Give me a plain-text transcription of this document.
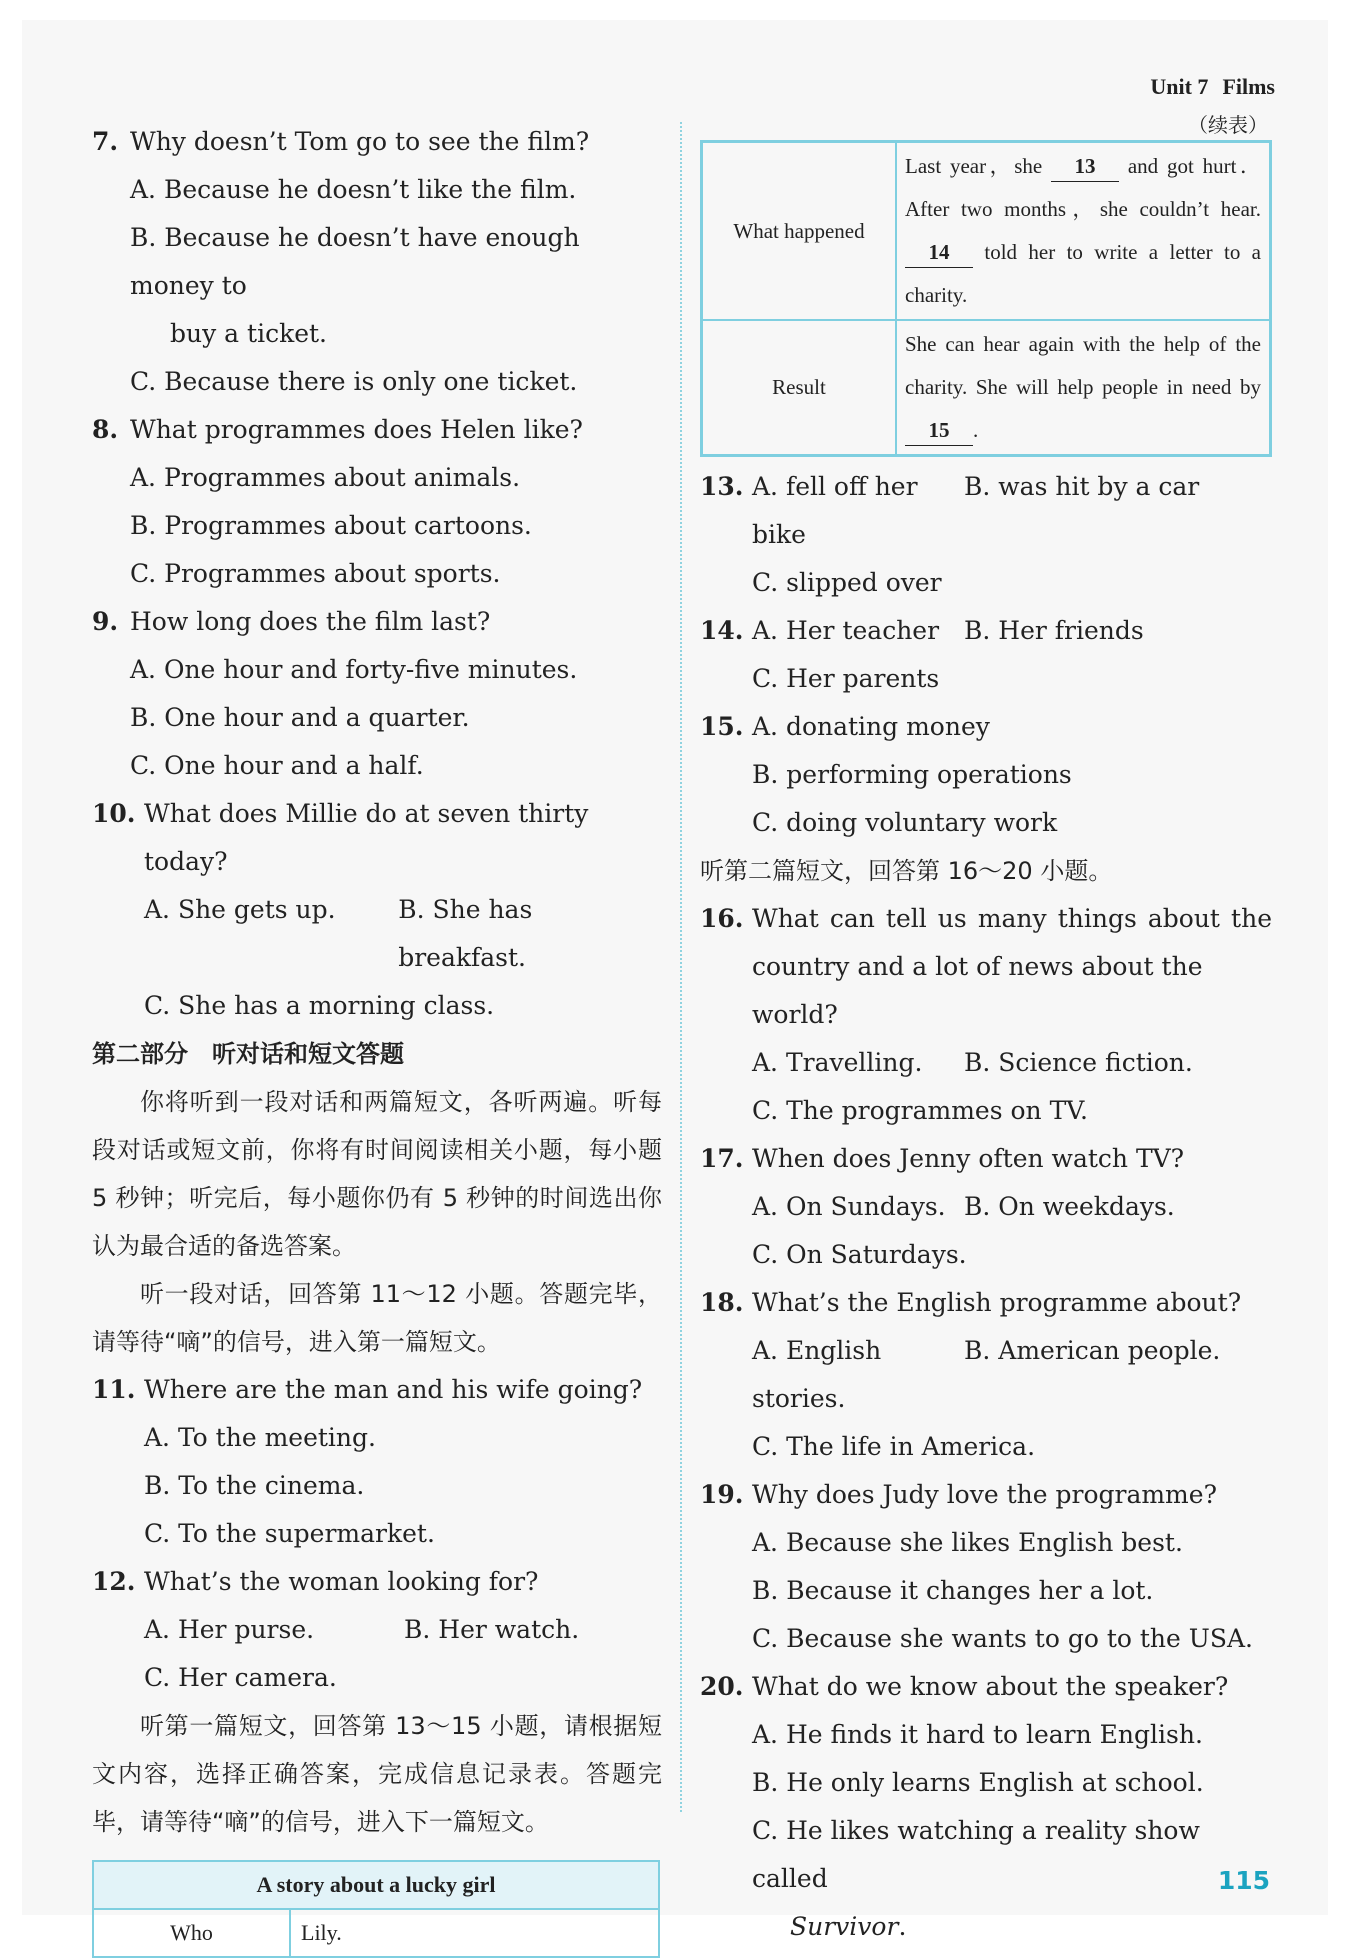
Unit 7 Films
7. Why doesn’t Tom go to see the film?
A. Because he doesn’t like the film.
B. Because he doesn’t have enough money to
buy a ticket.
C. Because there is only one ticket.
8. What programmes does Helen like?
A. Programmes about animals.
B. Programmes about cartoons.
C. Programmes about sports.
9. How long does the film last?
A. One hour and forty-five minutes.
B. One hour and a quarter.
C. One hour and a half.
10. What does Millie do at seven thirty today?
A. She gets up.	B. She has breakfast.
C. She has a morning class.
第二部分　听对话和短文答题
你将听到一段对话和两篇短文，各听两遍。听每段对话或短文前，你将有时间阅读相关小题，每小题 5 秒钟；听完后，每小题你仍有 5 秒钟的时间选出你认为最合适的备选答案。
听一段对话，回答第 11～12 小题。答题完毕，请等待“嘀”的信号，进入第一篇短文。
11. Where are the man and his wife going?
A. To the meeting.
B. To the cinema.
C. To the supermarket.
12. What’s the woman looking for?
A. Her purse.	B. Her watch.
C. Her camera.
听第一篇短文，回答第 13～15 小题，请根据短文内容，选择正确答案，完成信息记录表。答题完毕，请等待“嘀”的信号，进入下一篇短文。
A story about a lucky girl
Who	Lily.
（续表）
What happened	Last year，she 13 and got hurt．After two months，she couldn’t hear. 14 told her to write a letter to a charity.
Result	She can hear again with the help of the charity. She will help people in need by 15 .
13. A. fell off her bike
B. was hit by a car
C. slipped over
14. A. Her teacher B. Her friends
C. Her parents
15. A. donating money
B. performing operations
C. doing voluntary work
听第二篇短文，回答第 16～20 小题。
16. What can tell us many things about the
country and a lot of news about the world?
A. Travelling.	B. Science fiction.
C. The programmes on TV.
17. When does Jenny often watch TV?
A. On Sundays. B. On weekdays.
C. On Saturdays.
18. What’s the English programme about?
A. English stories.
B. American people.
C. The life in America.
19. Why does Judy love the programme?
A. Because she likes English best.
B. Because it changes her a lot.
C. Because she wants to go to the USA.
20. What do we know about the speaker?
A. He finds it hard to learn English.
B. He only learns English at school.
C. He likes watching a reality show called
Survivor.
115
